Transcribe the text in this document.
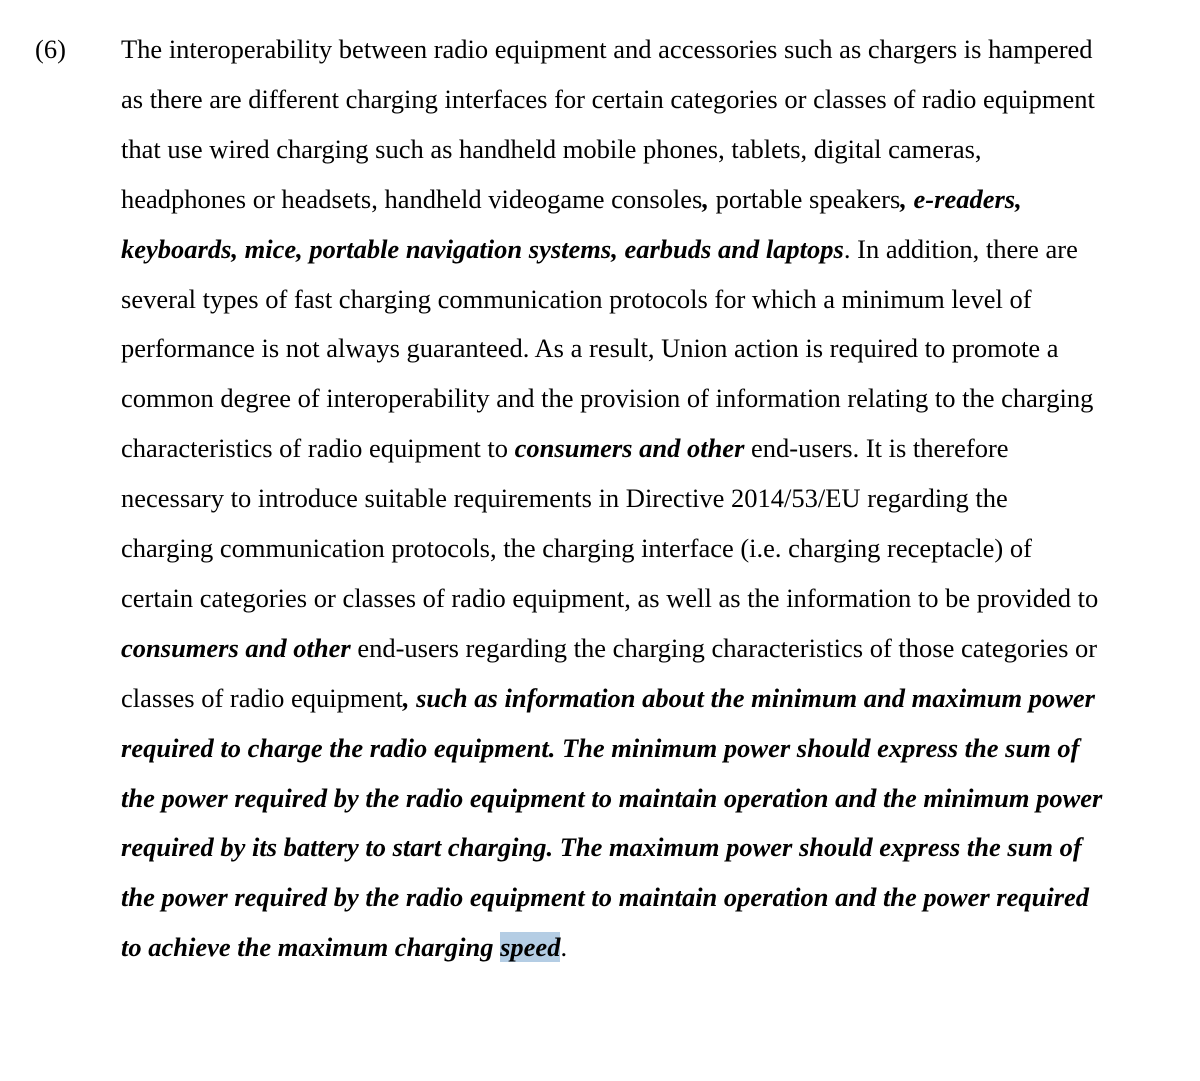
(6) The interoperability between radio equipment and accessories such as chargers is hampered
as there are different charging interfaces for certain categories or classes of radio equipment
that use wired charging such as handheld mobile phones, tablets, digital cameras,
headphones or headsets, handheld videogame consoles, portable speakers, e-readers,
keyboards, mice, portable navigation systems, earbuds and laptops. In addition, there are
several types of fast charging communication protocols for which a minimum level of
performance is not always guaranteed. As a result, Union action is required to promote a
common degree of interoperability and the provision of information relating to the charging
characteristics of radio equipment to consumers and other end-users. It is therefore
necessary to introduce suitable requirements in Directive 2014/53/EU regarding the
charging communication protocols, the charging interface (i.e. charging receptacle) of
certain categories or classes of radio equipment, as well as the information to be provided to
consumers and other end-users regarding the charging characteristics of those categories or
classes of radio equipment, such as information about the minimum and maximum power
required to charge the radio equipment. The minimum power should express the sum of
the power required by the radio equipment to maintain operation and the minimum power
required by its battery to start charging. The maximum power should express the sum of
the power required by the radio equipment to maintain operation and the power required
to achieve the maximum charging speed.
